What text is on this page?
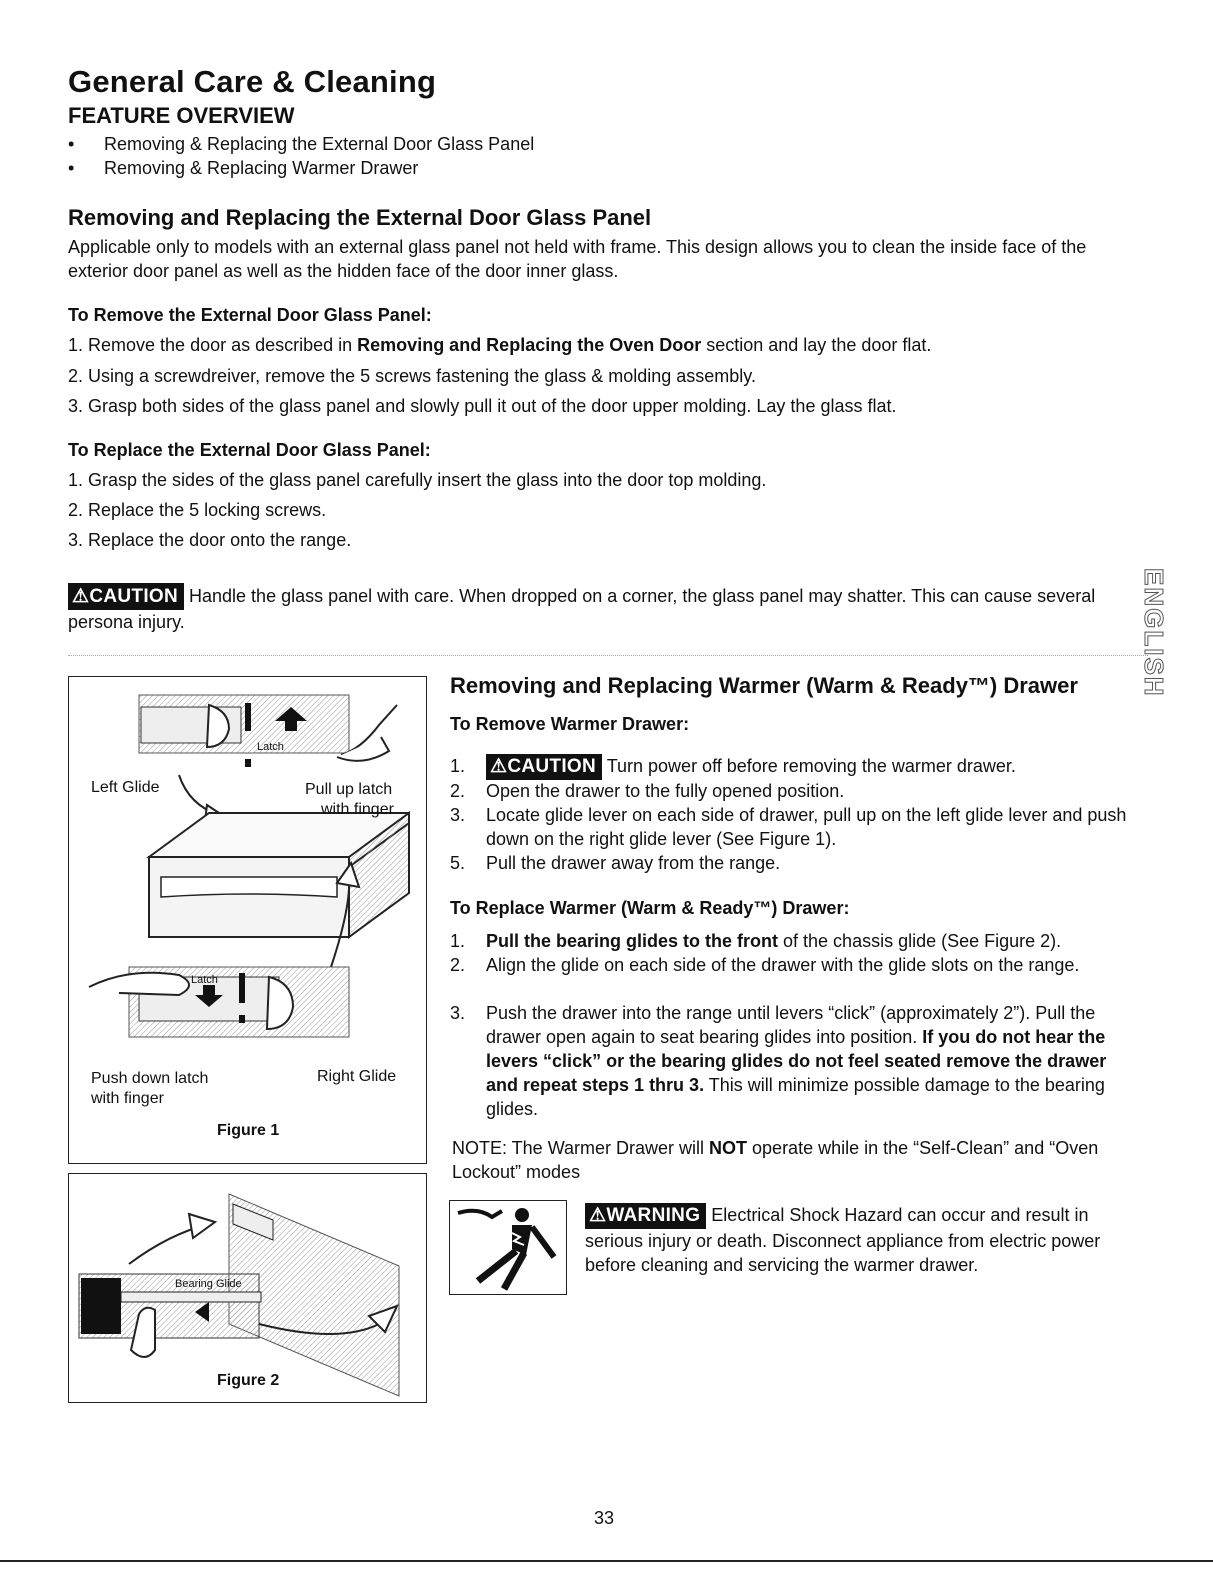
General Care & Cleaning
FEATURE OVERVIEW
• Removing & Replacing the External Door Glass Panel
• Removing & Replacing Warmer Drawer
Removing and Replacing the External Door Glass Panel
Applicable only to models with an external glass panel not held with frame. This design allows you to clean the inside face of the exterior door panel as well as the hidden face of the door inner glass.
To Remove the External Door Glass Panel:
1. Remove the door as described in Removing and Replacing the Oven Door section and lay the door flat.
2. Using a screwdreiver, remove the 5 screws fastening the glass & molding assembly.
3. Grasp both sides of the glass panel and slowly pull it out of the door upper molding. Lay the glass flat.
To Replace the External Door Glass Panel:
1. Grasp the sides of the glass panel carefully insert the glass into the door top molding.
2. Replace the 5 locking screws.
3. Replace the door onto the range.
⚠CAUTION Handle the glass panel with care. When dropped on a corner, the glass panel may shatter. This can cause several persona injury.	ENGLISH
Left Glide	Pull up latch
with finger
Latch
Latch
Push down latch
with finger
Right Glide
Figure 1
Bearing Glide
Figure 2
Removing and Replacing Warmer (Warm & Ready™) Drawer
To Remove Warmer Drawer:
1. ⚠CAUTION Turn power off before removing the warmer drawer.
2. Open the drawer to the fully opened position.
3. Locate glide lever on each side of drawer, pull up on the left glide lever and push down on the right glide lever (See Figure 1).
5. Pull the drawer away from the range.
To Replace Warmer (Warm & Ready™) Drawer:
1. Pull the bearing glides to the front of the chassis glide (See Figure 2).
2. Align the glide on each side of the drawer with the glide slots on the range.
3. Push the drawer into the range until levers “click” (approximately 2”). Pull the drawer open again to seat bearing glides into position. If you do not hear the levers “click” or the bearing glides do not feel seated remove the drawer and repeat steps 1 thru 3. This will minimize possible damage to the bearing glides.
NOTE: The Warmer Drawer will NOT operate while in the “Self-Clean” and “Oven Lockout” modes
⚠WARNING Electrical Shock Hazard can occur and result in serious injury or death. Disconnect appliance from electric power before cleaning and servicing the warmer drawer.
33
